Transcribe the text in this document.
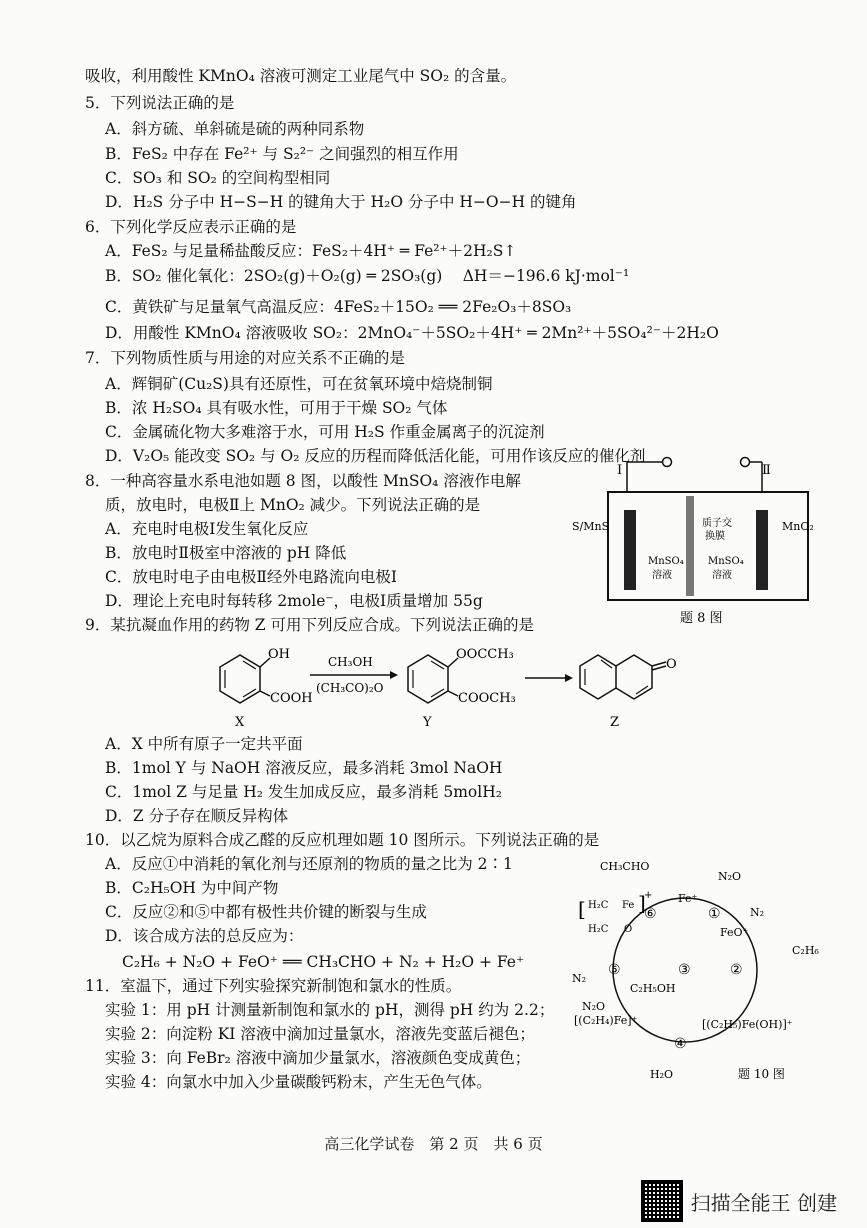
吸收，利用酸性 KMnO₄ 溶液可测定工业尾气中 SO₂ 的含量。
5．下列说法正确的是
A．斜方硫、单斜硫是硫的两种同系物
B．FeS₂ 中存在 Fe²⁺ 与 S₂²⁻ 之间强烈的相互作用
C．SO₃ 和 SO₂ 的空间构型相同
D．H₂S 分子中 H−S−H 的键角大于 H₂O 分子中 H−O−H 的键角
6．下列化学反应表示正确的是
A．FeS₂ 与足量稀盐酸反应：FeS₂＋4H⁺ ═ Fe²⁺＋2H₂S↑
B．SO₂ 催化氧化：2SO₂(g)＋O₂(g) ═ 2SO₃(g)　 ΔH＝−196.6 kJ·mol⁻¹
C．黄铁矿与足量氧气高温反应：4FeS₂＋15O₂ ══ 2Fe₂O₃＋8SO₃
D．用酸性 KMnO₄ 溶液吸收 SO₂：2MnO₄⁻＋5SO₂＋4H⁺ ═ 2Mn²⁺＋5SO₄²⁻＋2H₂O
7．下列物质性质与用途的对应关系不正确的是
A．辉铜矿(Cu₂S)具有还原性，可在贫氧环境中焙烧制铜
B．浓 H₂SO₄ 具有吸水性，可用于干燥 SO₂ 气体
C．金属硫化物大多难溶于水，可用 H₂S 作重金属离子的沉淀剂
D．V₂O₅ 能改变 SO₂ 与 O₂ 反应的历程而降低活化能，可用作该反应的催化剂
8．一种高容量水系电池如题 8 图，以酸性 MnSO₄ 溶液作电解
质，放电时，电极Ⅱ上 MnO₂ 减少。下列说法正确的是
A．充电时电极Ⅰ发生氧化反应
B．放电时Ⅱ极室中溶液的 pH 降低
C．放电时电子由电极Ⅱ经外电路流向电极Ⅰ
D．理论上充电时每转移 2mole⁻，电极Ⅰ质量增加 55g
9．某抗凝血作用的药物 Z 可用下列反应合成。下列说法正确的是
A．X 中所有原子一定共平面
B．1mol Y 与 NaOH 溶液反应，最多消耗 3mol NaOH
C．1mol Z 与足量 H₂ 发生加成反应，最多消耗 5molH₂
D．Z 分子存在顺反异构体
10．以乙烷为原料合成乙醛的反应机理如题 10 图所示。下列说法正确的是
A．反应①中消耗的氧化剂与还原剂的物质的量之比为 2∶1
B．C₂H₅OH 为中间产物
C．反应②和⑤中都有极性共价键的断裂与生成
D．该合成方法的总反应为：
C₂H₆ + N₂O + FeO⁺ ══ CH₃CHO + N₂ + H₂O + Fe⁺
11．室温下，通过下列实验探究新制饱和氯水的性质。
实验 1：用 pH 计测量新制饱和氯水的 pH，测得 pH 约为 2.2；
实验 2：向淀粉 KI 溶液中滴加过量氯水，溶液先变蓝后褪色；
实验 3：向 FeBr₂ 溶液中滴加少量氯水，溶液颜色变成黄色；
实验 4：向氯水中加入少量碳酸钙粉末，产生无色气体。
Ⅰ	Ⅱ
S/MnS	MnO₂
质子交
换膜
MnSO₄
溶液
MnSO₄
溶液
题 8 图
OH
COOH
X
CH₃OH
(CH₃CO)₂O
OOCCH₃
COOCH₃
Y
O
Z
CH₃CHO
Fe⁺
N₂O
N₂
FeO⁺
C₂H₆
C₂H₅OH
[(C₂H₅)Fe(OH)]⁺
[(C₂H₄)Fe]⁺
H₂O
N₂
N₂O
[ H₂C Fe
H₂C O
]
+
⑥	①
②
③
④
⑤
题 10 图
高三化学试卷　第 2 页　共 6 页
扫描全能王 创建
